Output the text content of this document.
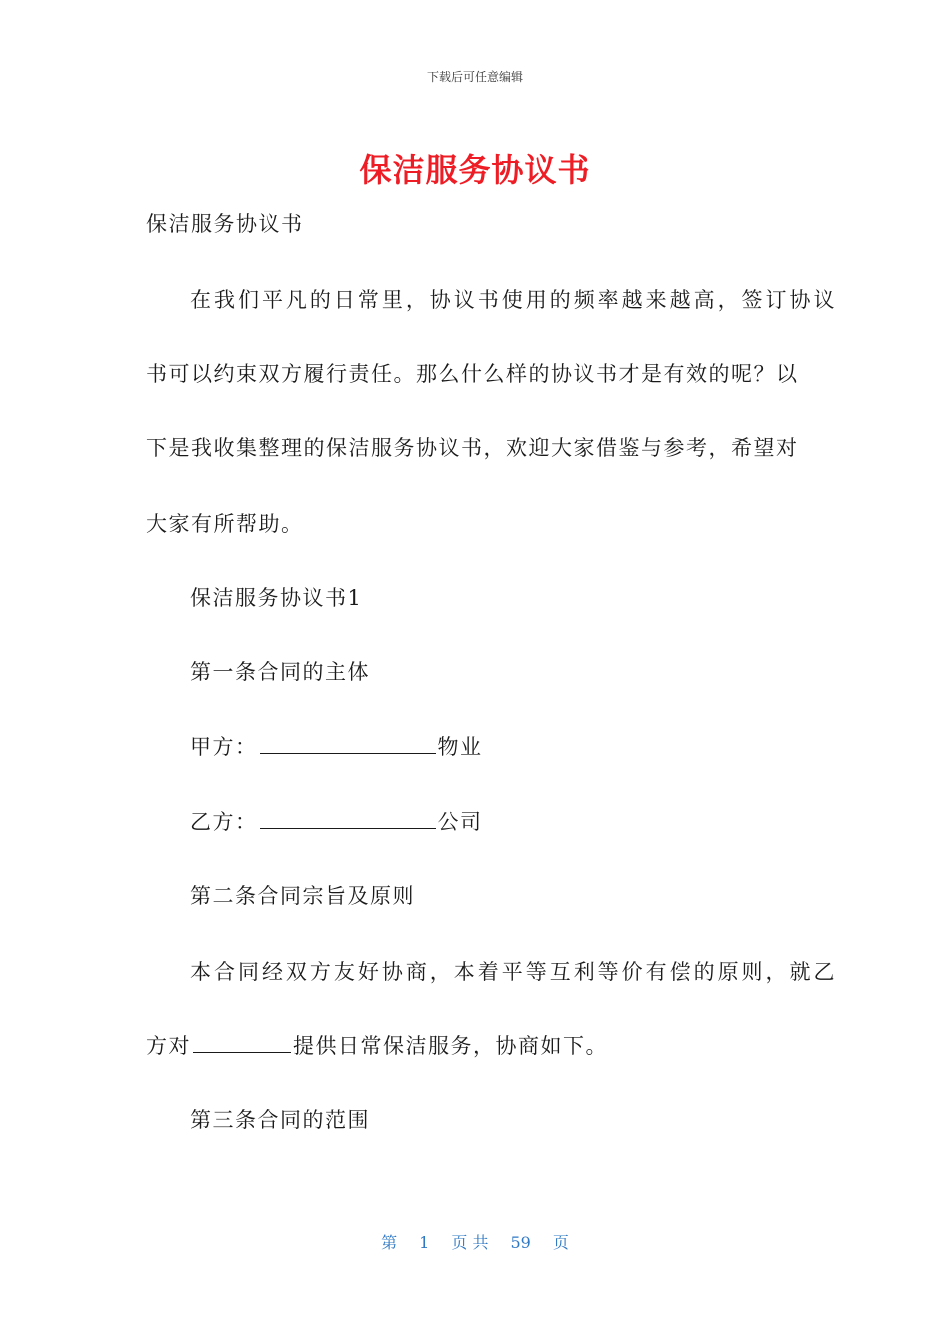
下载后可任意编辑
保洁服务协议书
保洁服务协议书
在我们平凡的日常里，协议书使用的频率越来越高，签订协议
书可以约束双方履行责任。那么什么样的协议书才是有效的呢？以
下是我收集整理的保洁服务协议书，欢迎大家借鉴与参考，希望对
大家有所帮助。
保洁服务协议书1
第一条合同的主体
甲方：	物业
乙方：	公司
第二条合同宗旨及原则
本合同经双方友好协商，本着平等互利等价有偿的原则，就乙
方对	提供日常保洁服务，协商如下。
第三条合同的范围
第 1 页 共 59 页
